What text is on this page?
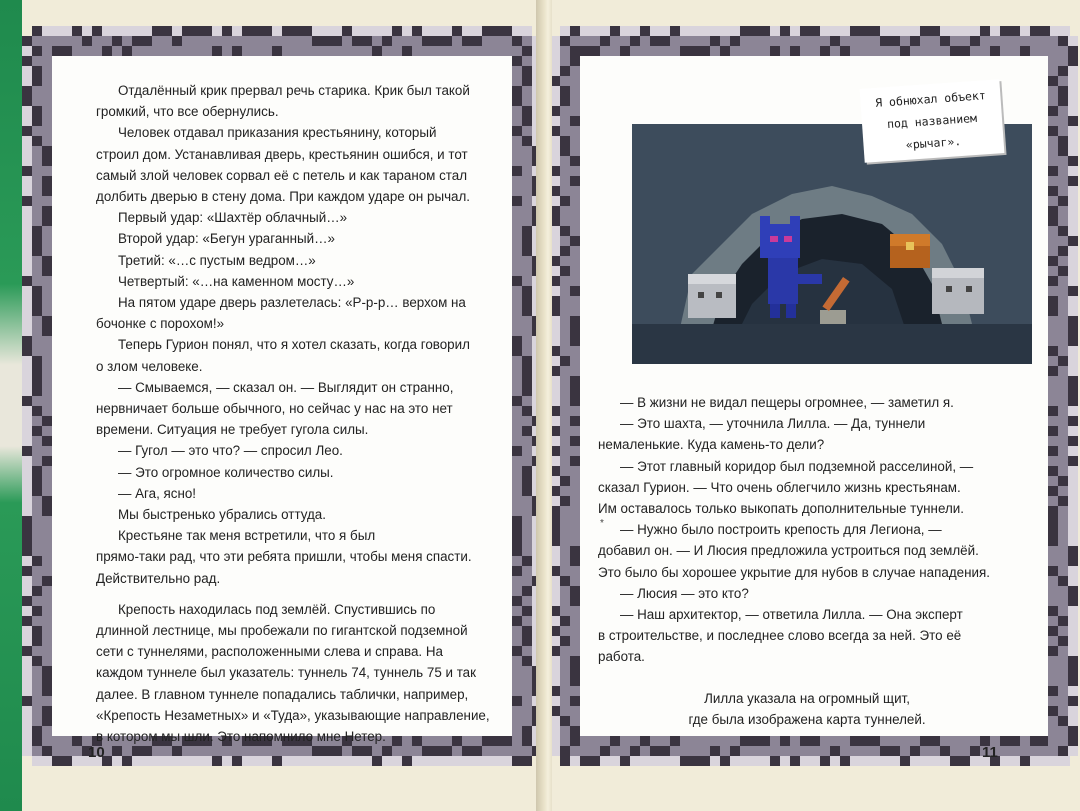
Отдалённый крик прервал речь старика. Крик был такой

громкий, что все обернулись.

Человек отдавал приказания крестьянину, который

строил дом. Устанавливая дверь, крестьянин ошибся, и тот

самый злой человек сорвал её с петель и как тараном стал

долбить дверью в стену дома. При каждом ударе он рычал.

Первый удар: «Шахтёр облачный…»

Второй удар: «Бегун ураганный…»

Третий: «…с пустым ведром…»

Четвертый: «…на каменном мосту…»

На пятом ударе дверь разлетелась: «Р-р-р… верхом на

бочонке с порохом!»

Теперь Гурион понял, что я хотел сказать, когда говорил

о злом человеке.

— Смываемся, — сказал он. — Выглядит он странно,

нервничает больше обычного, но сейчас у нас на это нет

времени. Ситуация не требует гугола силы.

— Гугол — это что? — спросил Лео.

— Это огромное количество силы.

— Ага, ясно!

Мы быстренько убрались оттуда.

Крестьяне так меня встретили, что я был

прямо-таки рад, что эти ребята пришли, чтобы меня спасти.

Действительно рад.

Крепость находилась под землёй. Спустившись по

длинной лестнице, мы пробежали по гигантской подземной

сети с туннелями, расположенными слева и справа. На

каждом туннеле был указатель: туннель 74, туннель 75 и так

далее. В главном туннеле попадались таблички, например,

«Крепость Незаметных» и «Туда», указывающие направление,

в котором мы шли. Это напомнило мне Нетер.

10
Я обнюхал объект
под названием «рычаг».
*

— В жизни не видал пещеры огромнее, — заметил я.

— Это шахта, — уточнила Лилла. — Да, туннели

немаленькие. Куда камень-то дели?

— Этот главный коридор был подземной расселиной, —

сказал Гурион. — Что очень облегчило жизнь крестьянам.

Им оставалось только выкопать дополнительные туннели.

— Нужно было построить крепость для Легиона, —

добавил он. — И Люсия предложила устроиться под землёй.

Это было бы хорошее укрытие для нубов в случае нападения.

— Люсия — это кто?

— Наш архитектор, — ответила Лилла. — Она эксперт

в строительстве, и последнее слово всегда за ней. Это её

работа.

Лилла указала на огромный щит,

где была изображена карта туннелей.

11
